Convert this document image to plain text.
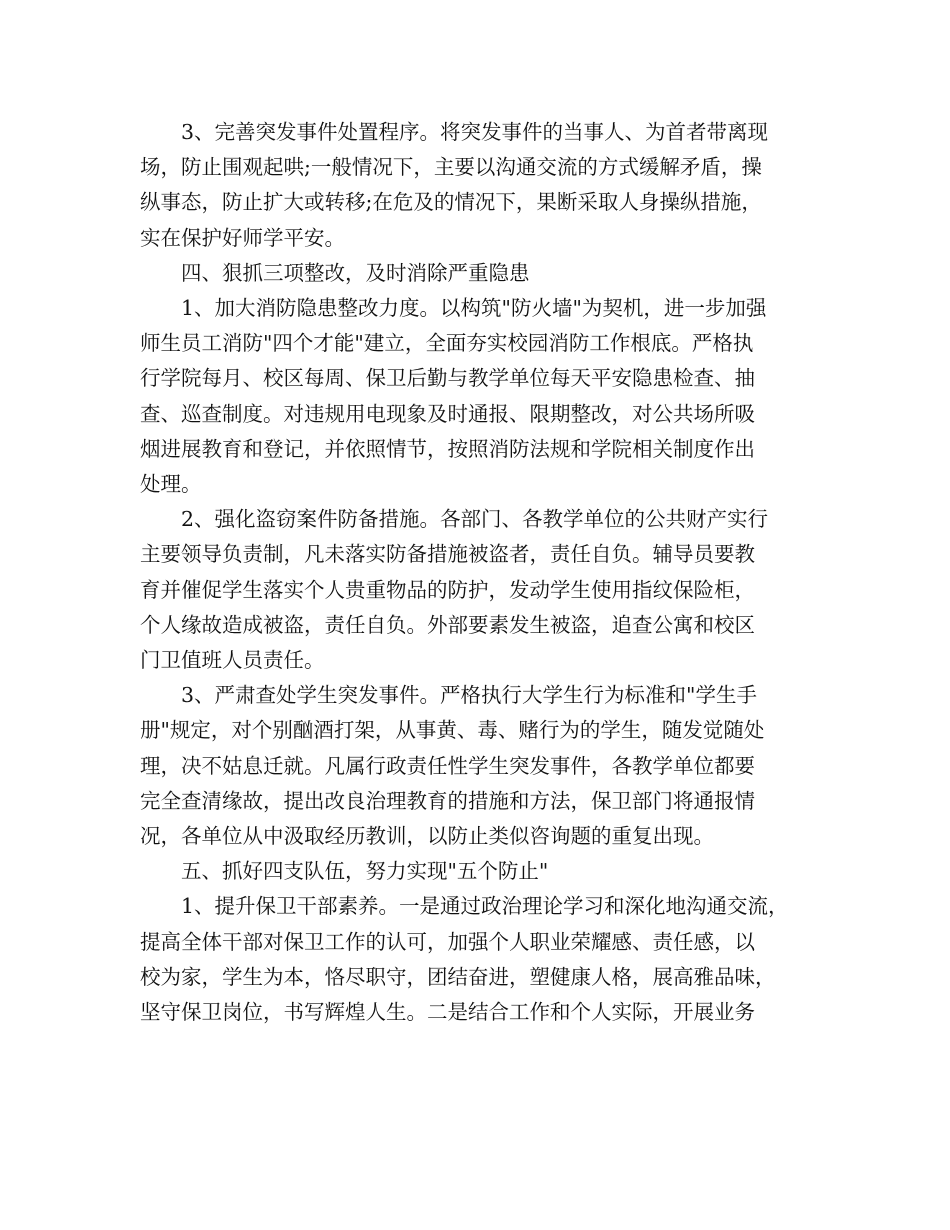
3、完善突发事件处置程序。将突发事件的当事人、为首者带离现
场，防止围观起哄;一般情况下，主要以沟通交流的方式缓解矛盾，操
纵事态，防止扩大或转移;在危及的情况下，果断采取人身操纵措施，
实在保护好师学平安。

四、狠抓三项整改，及时消除严重隐患

1、加大消防隐患整改力度。以构筑"防火墙"为契机，进一步加强
师生员工消防"四个才能"建立，全面夯实校园消防工作根底。严格执
行学院每月、校区每周、保卫后勤与教学单位每天平安隐患检查、抽
查、巡查制度。对违规用电现象及时通报、限期整改，对公共场所吸
烟进展教育和登记，并依照情节，按照消防法规和学院相关制度作出
处理。

2、强化盗窃案件防备措施。各部门、各教学单位的公共财产实行
主要领导负责制，凡未落实防备措施被盗者，责任自负。辅导员要教
育并催促学生落实个人贵重物品的防护，发动学生使用指纹保险柜，
个人缘故造成被盗，责任自负。外部要素发生被盗，追查公寓和校区
门卫值班人员责任。

3、严肃查处学生突发事件。严格执行大学生行为标准和"学生手
册"规定，对个别酗酒打架，从事黄、毒、赌行为的学生，随发觉随处
理，决不姑息迁就。凡属行政责任性学生突发事件，各教学单位都要
完全查清缘故，提出改良治理教育的措施和方法，保卫部门将通报情
况，各单位从中汲取经历教训，以防止类似咨询题的重复出现。

五、抓好四支队伍，努力实现"五个防止"

1、提升保卫干部素养。一是通过政治理论学习和深化地沟通交流，
提高全体干部对保卫工作的认可，加强个人职业荣耀感、责任感，以
校为家，学生为本，恪尽职守，团结奋进，塑健康人格，展高雅品味，
坚守保卫岗位，书写辉煌人生。二是结合工作和个人实际，开展业务
